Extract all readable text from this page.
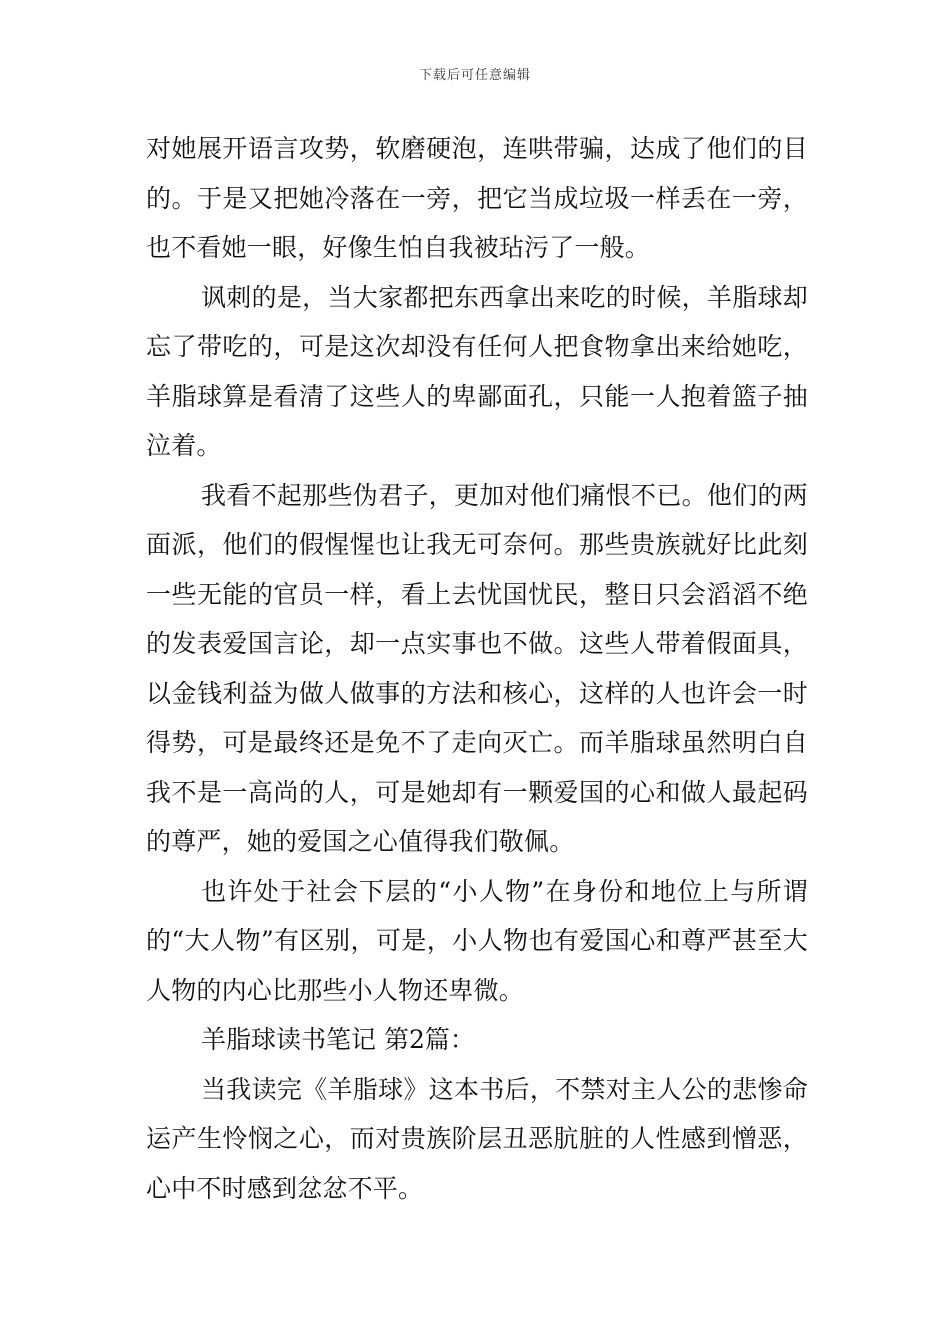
下载后可任意编辑

对她展开语言攻势，软磨硬泡，连哄带骗，达成了他们的目的。于是又把她冷落在一旁，把它当成垃圾一样丢在一旁，也不看她一眼，好像生怕自我被玷污了一般。

讽刺的是，当大家都把东西拿出来吃的时候，羊脂球却忘了带吃的，可是这次却没有任何人把食物拿出来给她吃，羊脂球算是看清了这些人的卑鄙面孔，只能一人抱着篮子抽泣着。

我看不起那些伪君子，更加对他们痛恨不已。他们的两面派，他们的假惺惺也让我无可奈何。那些贵族就好比此刻一些无能的官员一样，看上去忧国忧民，整日只会滔滔不绝的发表爱国言论，却一点实事也不做。这些人带着假面具，以金钱利益为做人做事的方法和核心，这样的人也许会一时得势，可是最终还是免不了走向灭亡。而羊脂球虽然明白自我不是一高尚的人，可是她却有一颗爱国的心和做人最起码的尊严，她的爱国之心值得我们敬佩。

也许处于社会下层的“小人物”在身份和地位上与所谓的“大人物”有区别，可是，小人物也有爱国心和尊严甚至大人物的内心比那些小人物还卑微。

羊脂球读书笔记 第2篇：

当我读完《羊脂球》这本书后，不禁对主人公的悲惨命运产生怜悯之心，而对贵族阶层丑恶肮脏的人性感到憎恶，心中不时感到忿忿不平。
